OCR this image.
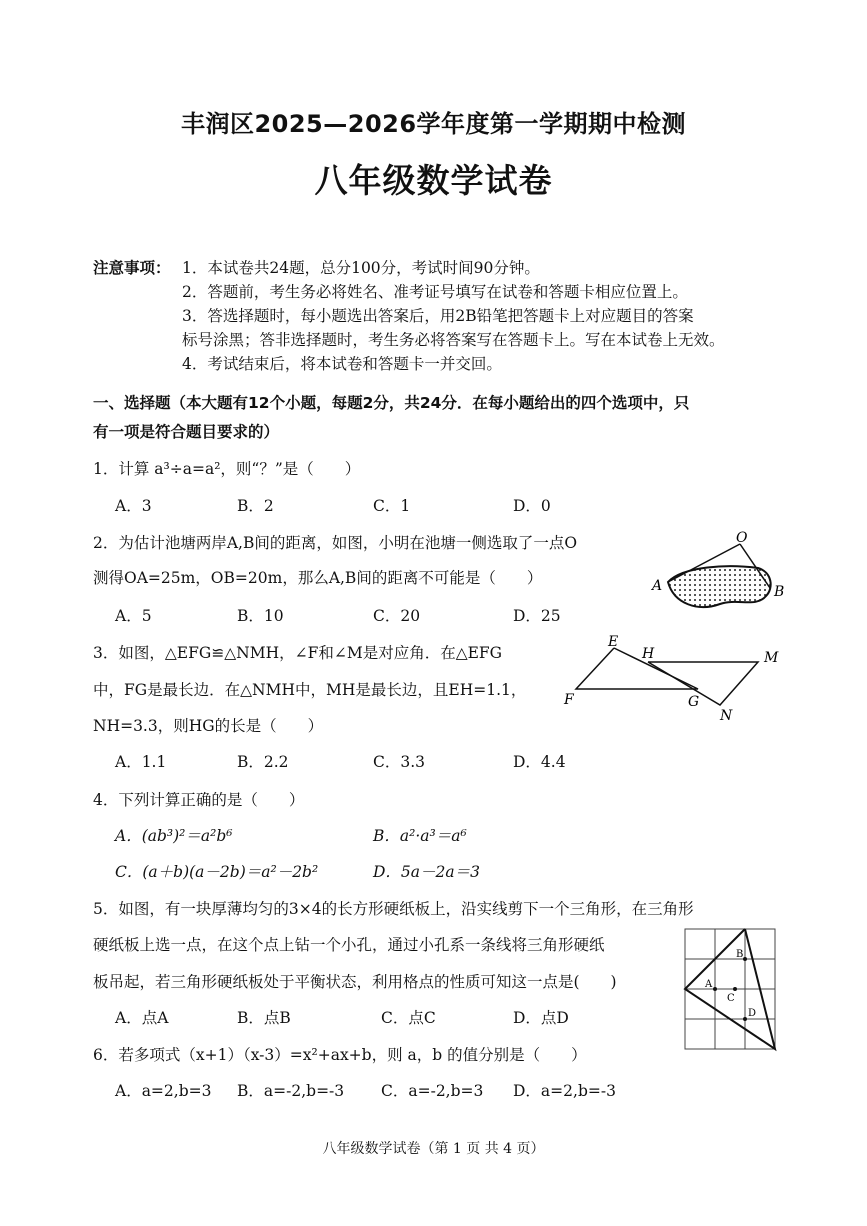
丰润区2025—2026学年度第一学期期中检测
八年级数学试卷
注意事项： 1．本试卷共24题，总分100分，考试时间90分钟。
2．答题前，考生务必将姓名、准考证号填写在试卷和答题卡相应位置上。
3．答选择题时，每小题选出答案后，用2B铅笔把答题卡上对应题目的答案
标号涂黑；答非选择题时，考生务必将答案写在答题卡上。写在本试卷上无效。
4．考试结束后，将本试卷和答题卡一并交回。
一、选择题（本大题有12个小题，每题2分，共24分．在每小题给出的四个选项中，只
有一项是符合题目要求的）
1．计算 a³÷a=a²，则“？”是（　　）
A．3	B．2	C．1	D．0
2．为估计池塘两岸A,B间的距离，如图，小明在池塘一侧选取了一点O
测得OA=25m，OB=20m，那么A,B间的距离不可能是（　　）
A．5	B．10	C．20	D．25
O
A	B
3．如图，△EFG≌△NMH，∠F和∠M是对应角．在△EFG
中，FG是最长边．在△NMH中，MH是最长边，且EH=1.1，
NH=3.3，则HG的长是（　　）
A．1.1	B．2.2	C．3.3	D．4.4
E
H	M
F	G
N
4．下列计算正确的是（　　）
A．(ab³)²＝a²b⁶	B．a²·a³＝a⁶
C．(a＋b)(a－2b)＝a²－2b²	D．5a－2a＝3
5．如图，有一块厚薄均匀的3×4的长方形硬纸板上，沿实线剪下一个三角形，在三角形
硬纸板上选一点，在这个点上钻一个小孔，通过小孔系一条线将三角形硬纸
板吊起，若三角形硬纸板处于平衡状态，利用格点的性质可知这一点是(　　)
A．点A	B．点B	C．点C	D．点D
B
A
C
D
6．若多项式（x+1）（x-3）=x²+ax+b，则 a，b 的值分别是（　　）
A．a=2,b=3 B．a=-2,b=-3 C．a=-2,b=3 D．a=2,b=-3
八年级数学试卷（第 1 页 共 4 页）
